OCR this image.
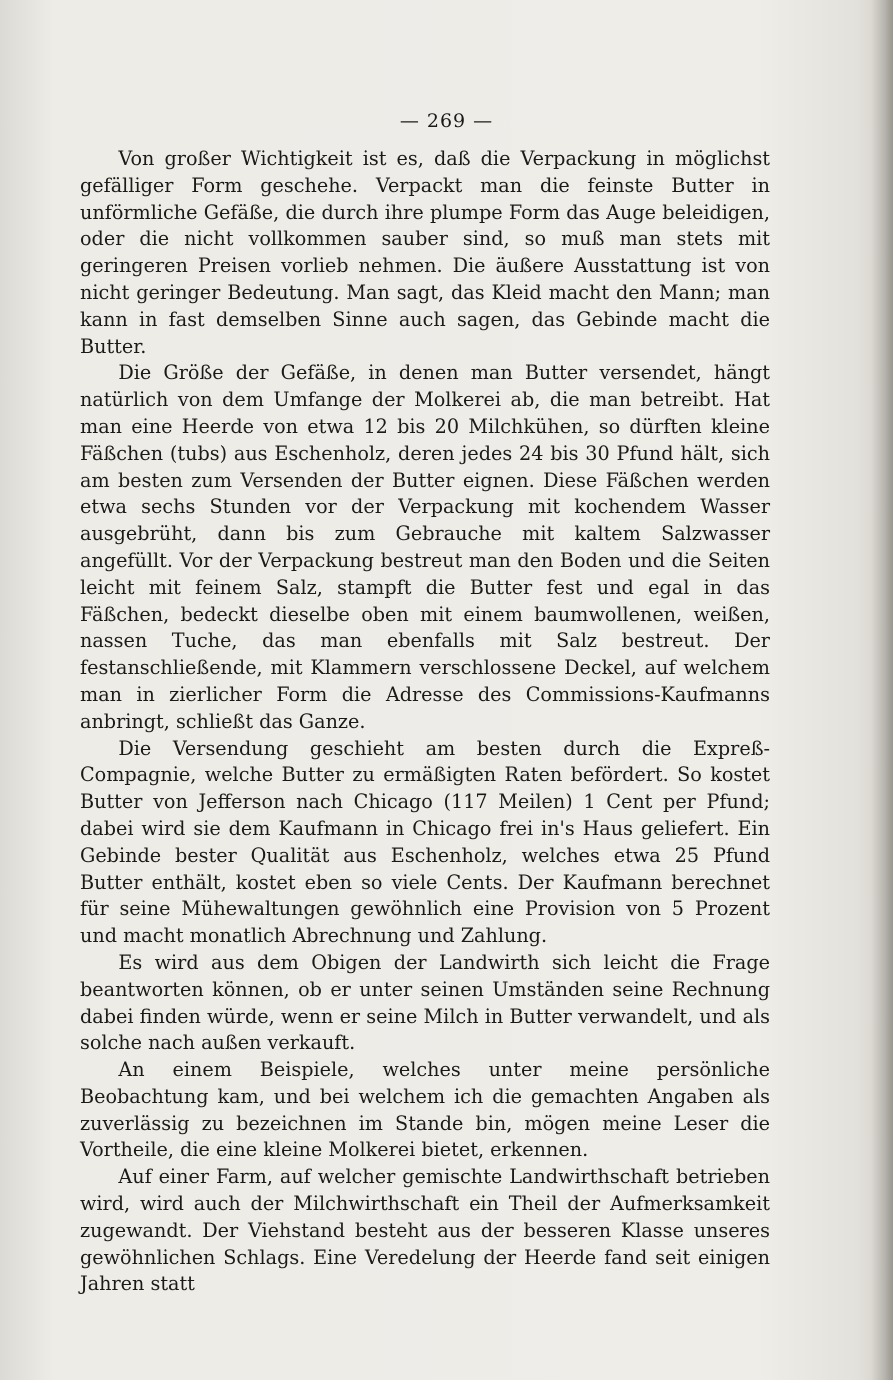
— 269 —

Von großer Wichtigkeit ist es, daß die Verpackung in möglichst gefälliger Form geschehe. Verpackt man die feinste Butter in unförmliche Gefäße, die durch ihre plumpe Form das Auge beleidigen, oder die nicht vollkommen sauber sind, so muß man stets mit geringeren Preisen vorlieb nehmen. Die äußere Ausstattung ist von nicht geringer Bedeutung. Man sagt, das Kleid macht den Mann; man kann in fast demselben Sinne auch sagen, das Gebinde macht die Butter.

Die Größe der Gefäße, in denen man Butter versendet, hängt natürlich von dem Umfange der Molkerei ab, die man betreibt. Hat man eine Heerde von etwa 12 bis 20 Milchkühen, so dürften kleine Fäßchen (tubs) aus Eschenholz, deren jedes 24 bis 30 Pfund hält, sich am besten zum Versenden der Butter eignen. Diese Fäßchen werden etwa sechs Stunden vor der Verpackung mit kochendem Wasser ausgebrüht, dann bis zum Gebrauche mit kaltem Salzwasser angefüllt. Vor der Verpackung bestreut man den Boden und die Seiten leicht mit feinem Salz, stampft die Butter fest und egal in das Fäßchen, bedeckt dieselbe oben mit einem baumwollenen, weißen, nassen Tuche, das man ebenfalls mit Salz bestreut. Der festanschließende, mit Klammern verschlossene Deckel, auf welchem man in zierlicher Form die Adresse des Commissions-Kaufmanns anbringt, schließt das Ganze.

Die Versendung geschieht am besten durch die Expreß-Compagnie, welche Butter zu ermäßigten Raten befördert. So kostet Butter von Jefferson nach Chicago (117 Meilen) 1 Cent per Pfund; dabei wird sie dem Kaufmann in Chicago frei in's Haus geliefert. Ein Gebinde bester Qualität aus Eschenholz, welches etwa 25 Pfund Butter enthält, kostet eben so viele Cents. Der Kaufmann berechnet für seine Mühewaltungen gewöhnlich eine Provision von 5 Prozent und macht monatlich Abrechnung und Zahlung.

Es wird aus dem Obigen der Landwirth sich leicht die Frage beantworten können, ob er unter seinen Umständen seine Rechnung dabei finden würde, wenn er seine Milch in Butter verwandelt, und als solche nach außen verkauft.

An einem Beispiele, welches unter meine persönliche Beobachtung kam, und bei welchem ich die gemachten Angaben als zuverlässig zu bezeichnen im Stande bin, mögen meine Leser die Vortheile, die eine kleine Molkerei bietet, erkennen.

Auf einer Farm, auf welcher gemischte Landwirthschaft betrieben wird, wird auch der Milchwirthschaft ein Theil der Aufmerksamkeit zugewandt. Der Viehstand besteht aus der besseren Klasse unseres gewöhnlichen Schlags. Eine Veredelung der Heerde fand seit einigen Jahren statt
